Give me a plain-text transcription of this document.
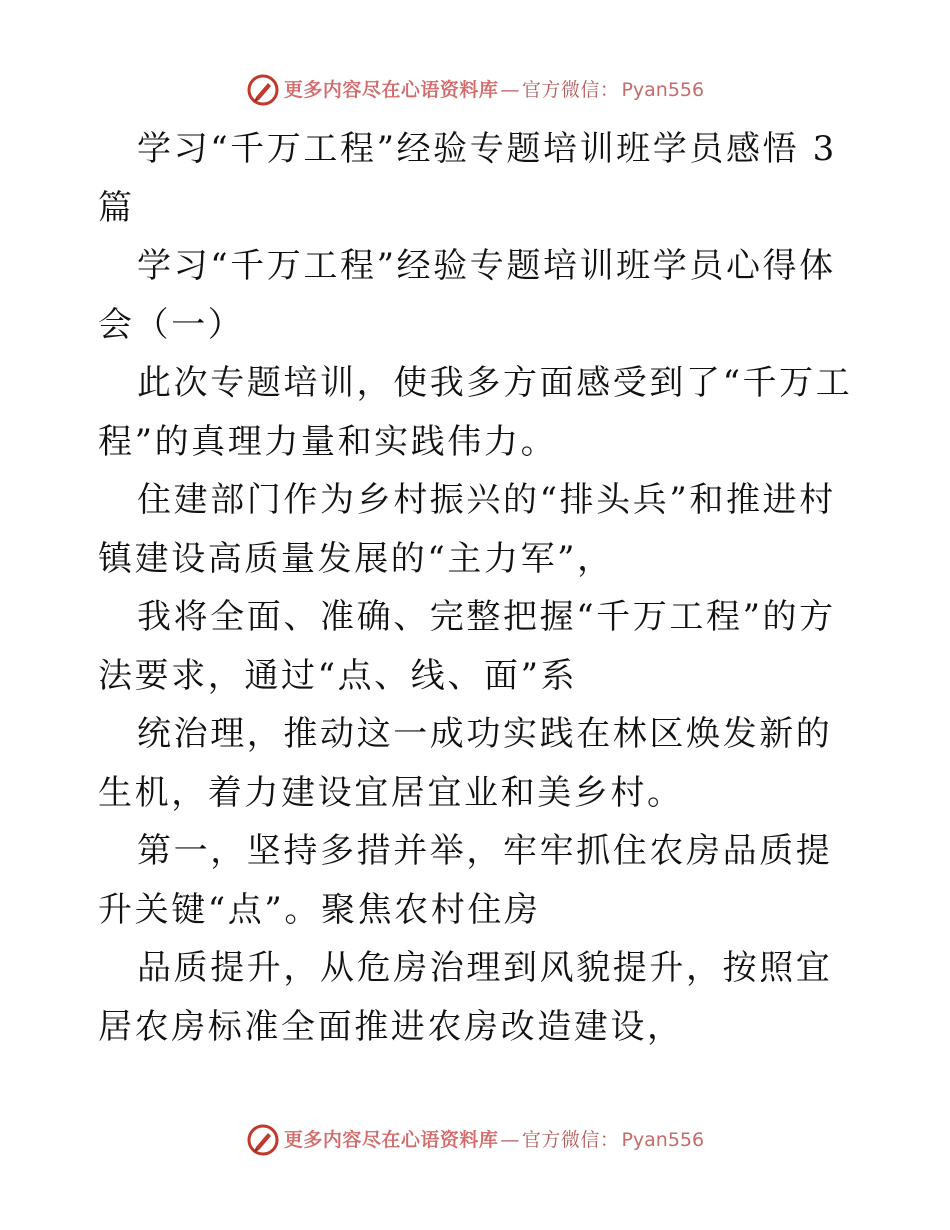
更多内容尽在心语资料库 — 官方微信： Pyan556

学习“千万工程”经验专题培训班学员感悟 3篇

学习“千万工程”经验专题培训班学员心得体会（一）

此次专题培训，使我多方面感受到了“千万工程”的真理力量和实践伟力。

住建部门作为乡村振兴的“排头兵”和推进村镇建设高质量发展的“主力军”，

我将全面、准确、完整把握“千万工程”的方法要求，通过“点、线、面”系

统治理，推动这一成功实践在林区焕发新的生机，着力建设宜居宜业和美乡村。

第一，坚持多措并举，牢牢抓住农房品质提升关键“点”。聚焦农村住房

品质提升，从危房治理到风貌提升，按照宜居农房标准全面推进农房改造建设，

更多内容尽在心语资料库 — 官方微信： Pyan556
